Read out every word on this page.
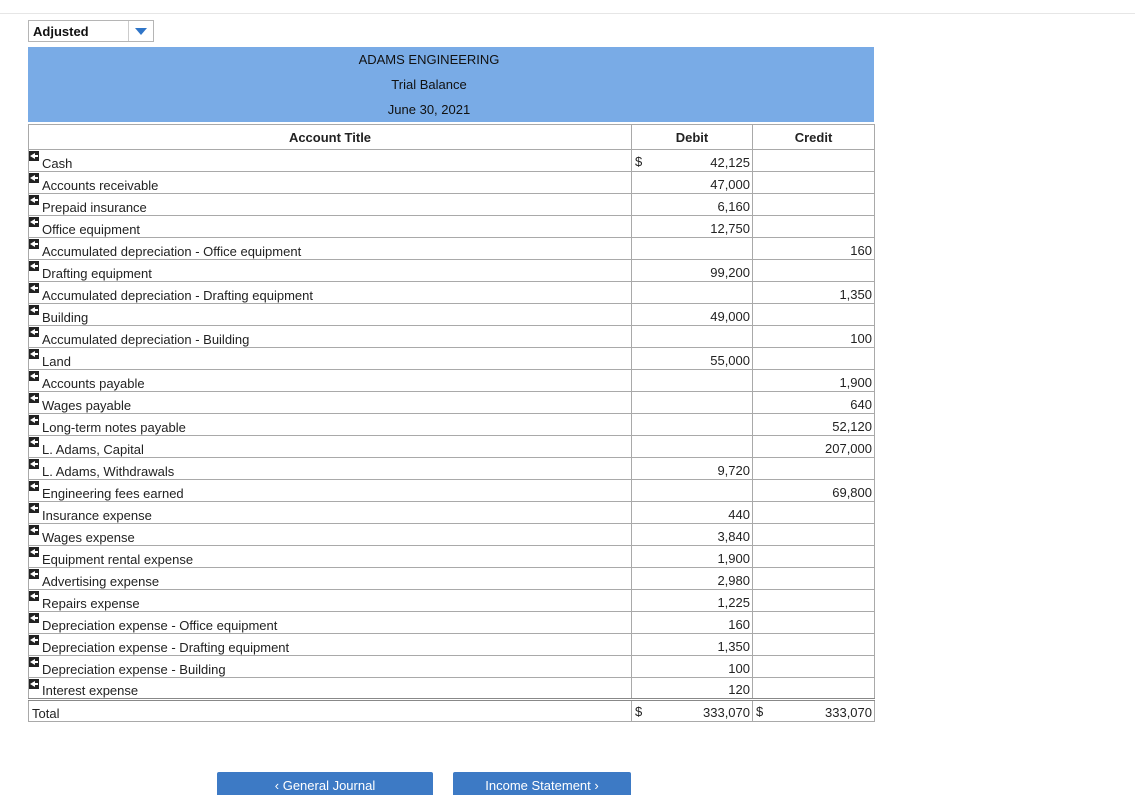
Adjusted
ADAMS ENGINEERING
Trial Balance
June 30, 2021
Account Title	Debit	Credit

Cash	$ 42,125	

Accounts receivable	47,000	

Prepaid insurance	6,160	

Office equipment	12,750	

Accumulated depreciation - Office equipment		160

Drafting equipment	99,200	

Accumulated depreciation - Drafting equipment		1,350

Building	49,000	

Accumulated depreciation - Building		100

Land	55,000	

Accounts payable		1,900

Wages payable		640

Long-term notes payable		52,120

L. Adams, Capital		207,000

L. Adams, Withdrawals	9,720	

Engineering fees earned		69,800

Insurance expense	440	

Wages expense	3,840	

Equipment rental expense	1,900	

Advertising expense	2,980	

Repairs expense	1,225	

Depreciation expense - Office equipment	160	

Depreciation expense - Drafting equipment	1,350	

Depreciation expense - Building	100	

Interest expense	120	
Total	$ 333,070	$ 333,070
‹ General Journal	Income Statement ›
